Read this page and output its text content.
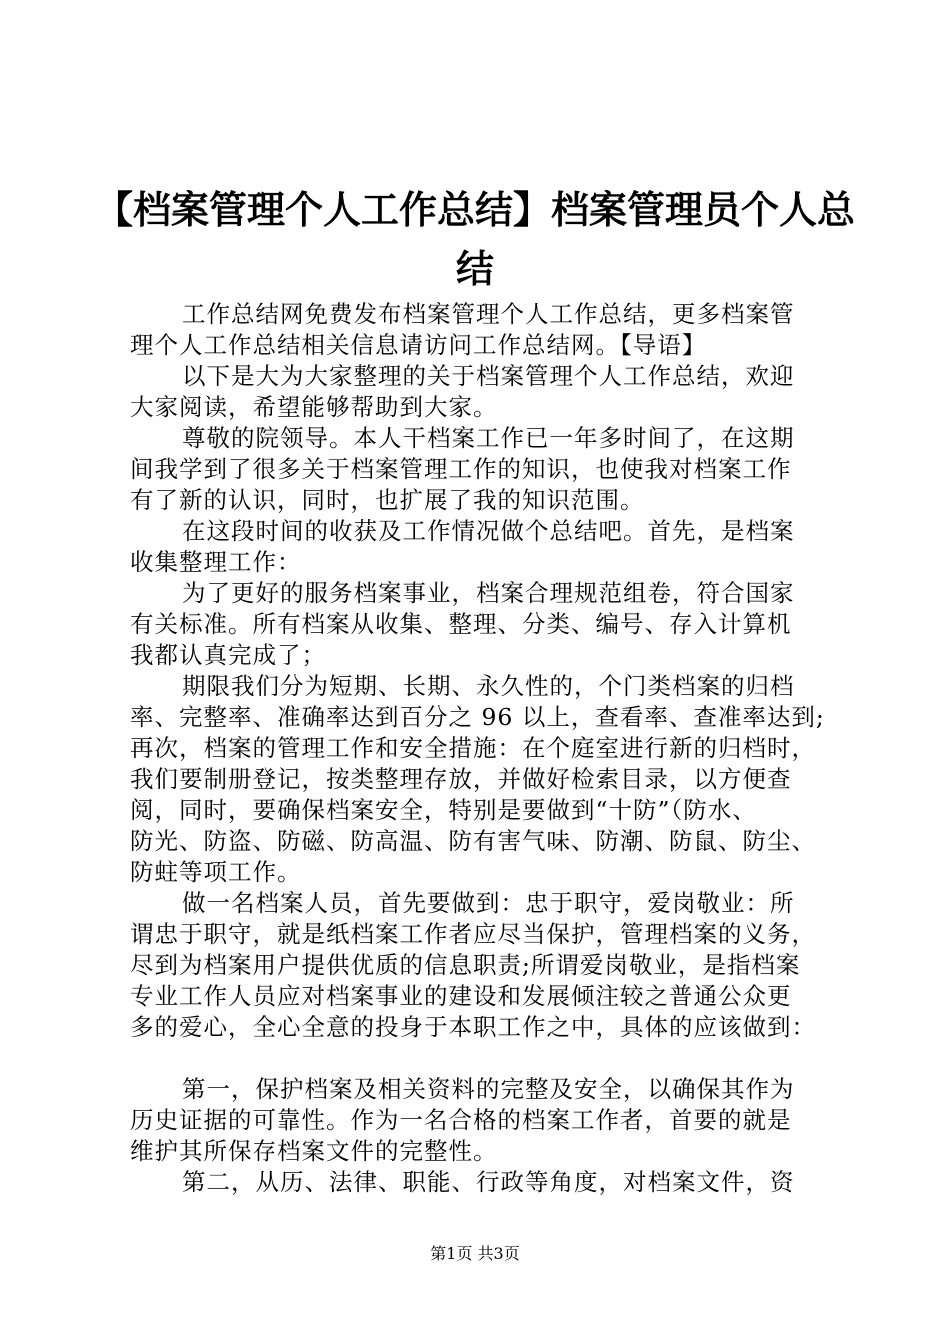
【档案管理个人工作总结】档案管理员个人总
结
工作总结网免费发布档案管理个人工作总结，更多档案管
理个人工作总结相关信息请访问工作总结网。【导语】
以下是大为大家整理的关于档案管理个人工作总结，欢迎
大家阅读，希望能够帮助到大家。
尊敬的院领导。本人干档案工作已一年多时间了，在这期
间我学到了很多关于档案管理工作的知识，也使我对档案工作
有了新的认识，同时，也扩展了我的知识范围。
在这段时间的收获及工作情况做个总结吧。首先，是档案
收集整理工作：
为了更好的服务档案事业，档案合理规范组卷，符合国家
有关标准。所有档案从收集、整理、分类、编号、存入计算机
我都认真完成了；
期限我们分为短期、长期、永久性的，个门类档案的归档
率、完整率、准确率达到百分之 96 以上，查看率、查准率达到;
再次，档案的管理工作和安全措施：在个庭室进行新的归档时，
我们要制册登记，按类整理存放，并做好检索目录，以方便查
阅，同时，要确保档案安全，特别是要做到“十防”（防水、
防光、防盗、防磁、防高温、防有害气味、防潮、防鼠、防尘、
防蛀等项工作。
做一名档案人员，首先要做到：忠于职守，爱岗敬业：所
谓忠于职守，就是纸档案工作者应尽当保护，管理档案的义务，
尽到为档案用户提供优质的信息职责;所谓爱岗敬业，是指档案
专业工作人员应对档案事业的建设和发展倾注较之普通公众更
多的爱心，全心全意的投身于本职工作之中，具体的应该做到：
第一，保护档案及相关资料的完整及安全，以确保其作为
历史证据的可靠性。作为一名合格的档案工作者，首要的就是
维护其所保存档案文件的完整性。
第二，从历、法律、职能、行政等角度，对档案文件，资
第1页 共3页
